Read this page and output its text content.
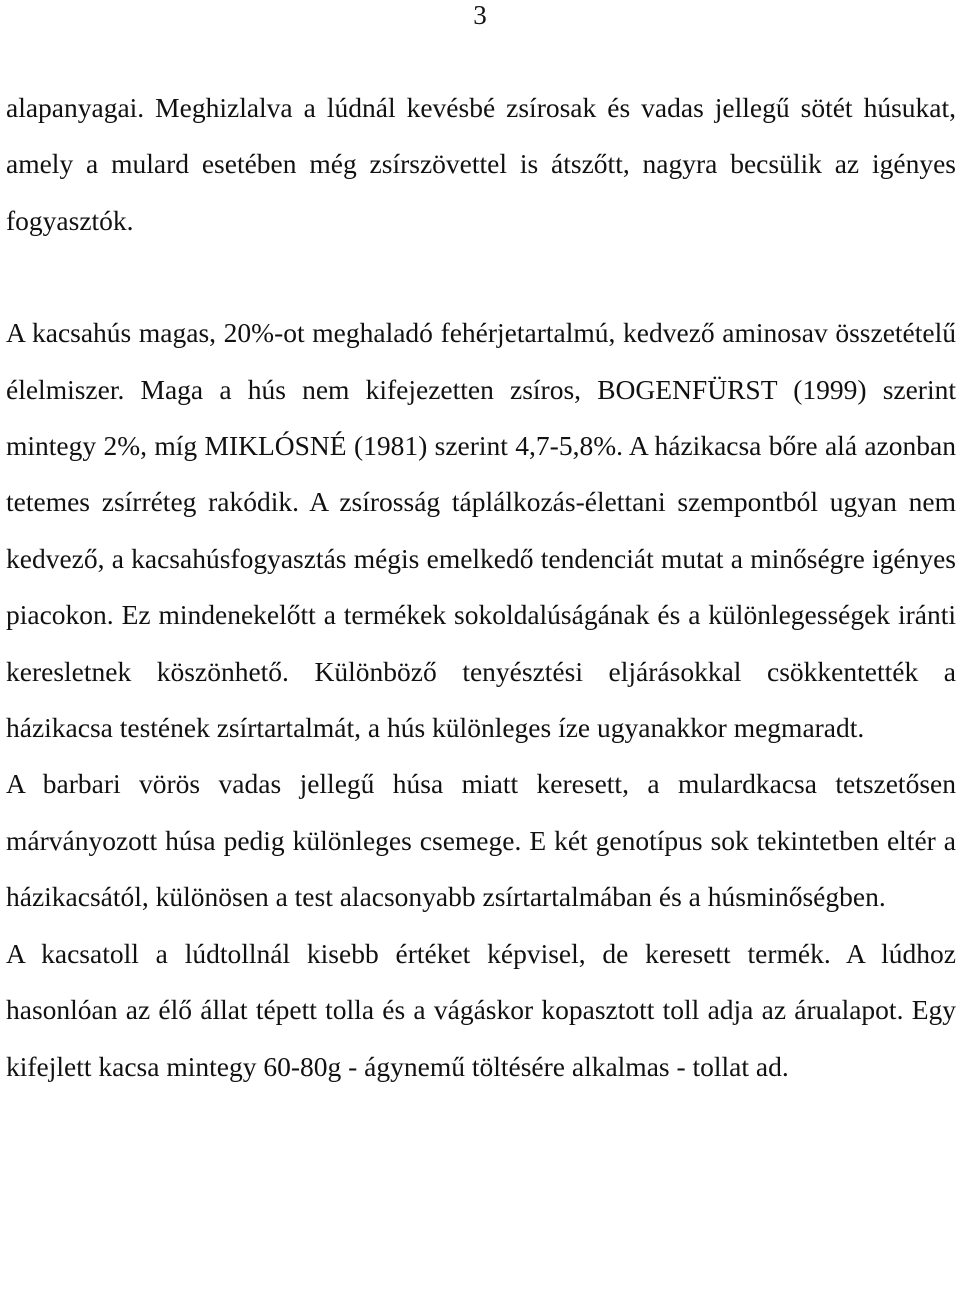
3

alapanyagai. Meghizlalva a lúdnál kevésbé zsírosak és vadas jellegű sötét húsukat, amely a mulard esetében még zsírszövettel is átszőtt, nagyra becsülik az igényes fogyasztók.

A kacsahús magas, 20%-ot meghaladó fehérjetartalmú, kedvező aminosav összetételű élelmiszer. Maga a hús nem kifejezetten zsíros, BOGENFÜRST (1999) szerint mintegy 2%, míg MIKLÓSNÉ (1981) szerint 4,7-5,8%. A házikacsa bőre alá azonban tetemes zsírréteg rakódik. A zsírosság táplálkozás-élettani szempontból ugyan nem kedvező, a kacsahúsfogyasztás mégis emelkedő tendenciát mutat a minőségre igényes piacokon. Ez mindenekelőtt a termékek sokoldalúságának és a különlegességek iránti keresletnek köszönhető. Különböző tenyésztési eljárásokkal csökkentették a házikacsa testének zsírtartalmát, a hús különleges íze ugyanakkor megmaradt.

A barbari vörös vadas jellegű húsa miatt keresett, a mulardkacsa tetszetősen márványozott húsa pedig különleges csemege. E két genotípus sok tekintetben eltér a házikacsától, különösen a test alacsonyabb zsírtartalmában és a húsminőségben.

A kacsatoll a lúdtollnál kisebb értéket képvisel, de keresett termék. A lúdhoz hasonlóan az élő állat tépett tolla és a vágáskor kopasztott toll adja az árualapot. Egy kifejlett kacsa mintegy 60-80g - ágynemű töltésére alkalmas - tollat ad.
